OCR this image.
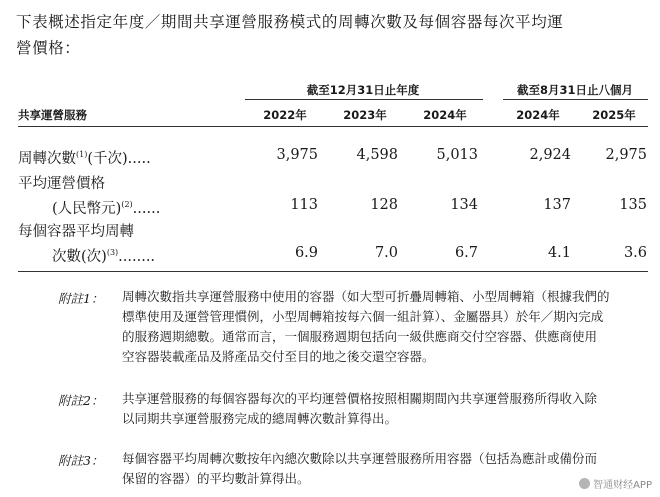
下表概述指定年度／期間共享運營服務模式的周轉次數及每個容器每次平均運
營價格：
截至12月31日止年度	截至8月31日止八個月
共享運營服務	2022年	2023年	2024年	2024年	2025年
周轉次數$^{(1)}$(千次).....	3,975	4,598	5,013	2,924	2,975
平均運營價格
(人民幣元)$^{(2)}$......	113	128	134	137	135
每個容器平均周轉
次數(次)$^{(3)}$........	6.9	7.0	6.7	4.1	3.6
附註1： 周轉次數指共享運營服務中使用的容器（如大型可折疊周轉箱、小型周轉箱（根據我們的
標準使用及運營管理慣例，小型周轉箱按每六個一組計算）、金屬器具）於年／期內完成
的服務週期總數。通常而言，一個服務週期包括向一級供應商交付空容器、供應商使用
空容器裝載產品及將產品交付至目的地之後交還空容器。
附註2： 共享運營服務的每個容器每次的平均運營價格按照相關期間內共享運營服務所得收入除
以同期共享運營服務完成的總周轉次數計算得出。
附註3： 每個容器平均周轉次數按年內總次數除以共享運營服務所用容器（包括為應計或備份而
保留的容器）的平均數計算得出。	智通财经APP
